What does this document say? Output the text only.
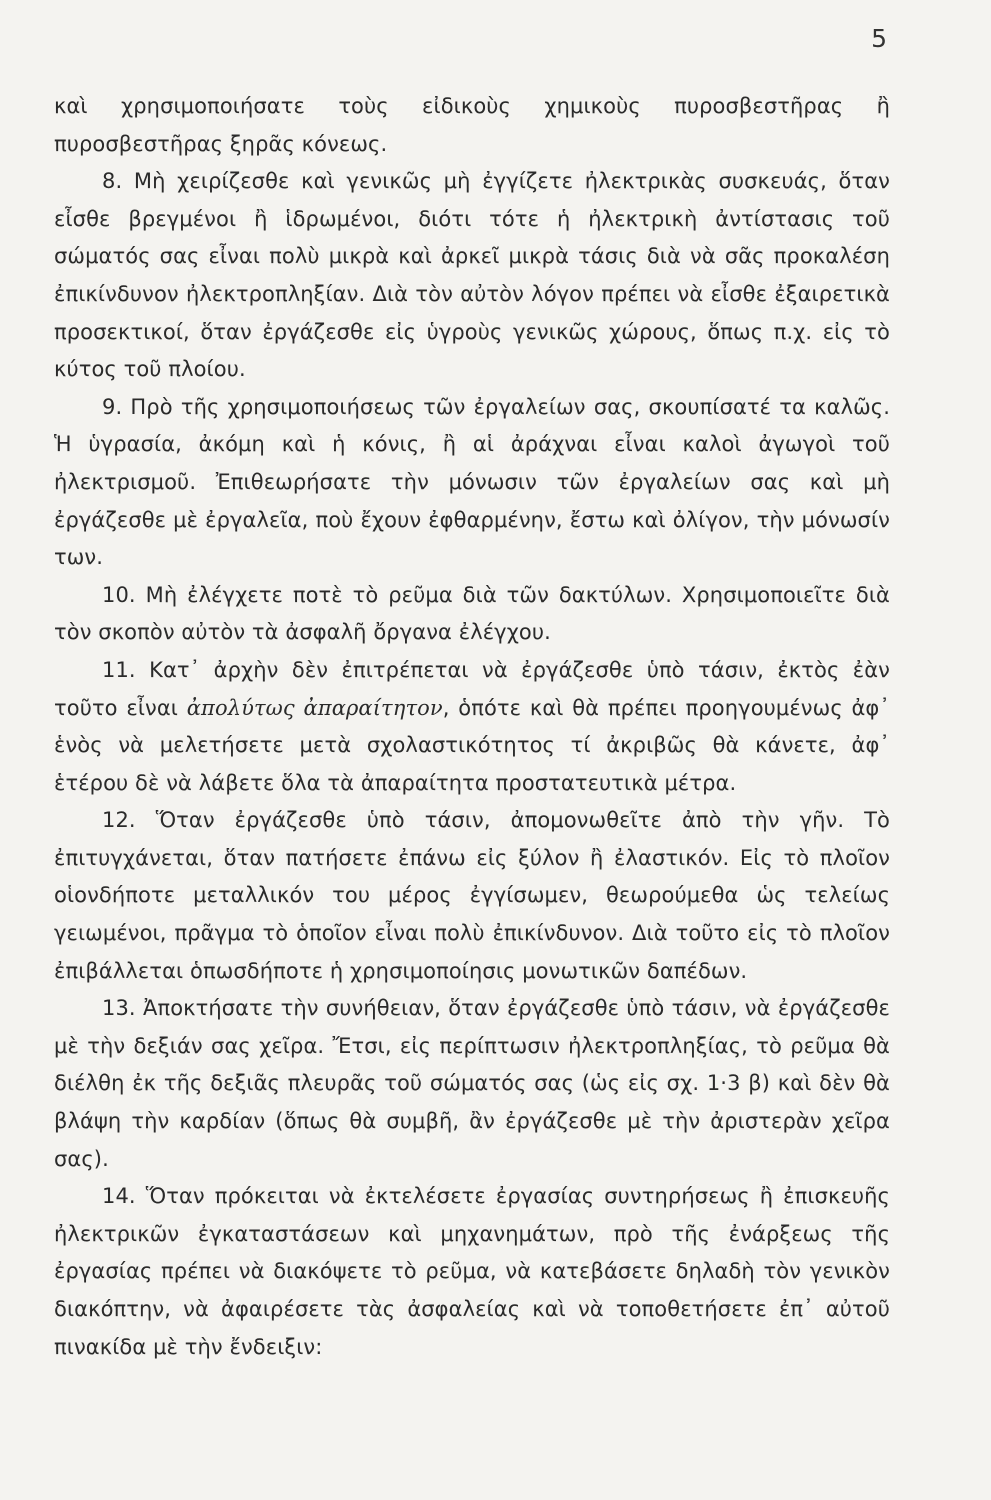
5

καὶ χρησιμοποιήσατε τοὺς εἰδικοὺς χημικοὺς πυροσβεστῆρας ἢ πυροσβεστῆρας ξηρᾶς κόνεως.

8. Μὴ χειρίζεσθε καὶ γενικῶς μὴ ἐγγίζετε ἠλεκτρικὰς συσκευάς, ὅταν εἶσθε βρεγμένοι ἢ ἱδρωμένοι, διότι τότε ἡ ἠλεκτρικὴ ἀντίστασις τοῦ σώματός σας εἶναι πολὺ μικρὰ καὶ ἀρκεῖ μικρὰ τάσις διὰ νὰ σᾶς προκαλέση ἐπικίνδυνον ἠλεκτροπληξίαν. Διὰ τὸν αὐτὸν λόγον πρέπει νὰ εἶσθε ἐξαιρετικὰ προσεκτικοί, ὅταν ἐργάζεσθε εἰς ὑγροὺς γενικῶς χώρους, ὅπως π.χ. εἰς τὸ κύτος τοῦ πλοίου.

9. Πρὸ τῆς χρησιμοποιήσεως τῶν ἐργαλείων σας, σκουπίσατέ τα καλῶς. Ἡ ὑγρασία, ἀκόμη καὶ ἡ κόνις, ἢ αἱ ἀράχναι εἶναι καλοὶ ἀγωγοὶ τοῦ ἠλεκτρισμοῦ. Ἐπιθεωρήσατε τὴν μόνωσιν τῶν ἐργαλείων σας καὶ μὴ ἐργάζεσθε μὲ ἐργαλεῖα, ποὺ ἔχουν ἐφθαρμένην, ἔστω καὶ ὀλίγον, τὴν μόνωσίν των.

10. Μὴ ἐλέγχετε ποτὲ τὸ ρεῦμα διὰ τῶν δακτύλων. Χρησιμοποιεῖτε διὰ τὸν σκοπὸν αὐτὸν τὰ ἀσφαλῆ ὄργανα ἐλέγχου.

11. Κατ᾽ ἀρχὴν δὲν ἐπιτρέπεται νὰ ἐργάζεσθε ὑπὸ τάσιν, ἐκτὸς ἐὰν τοῦτο εἶναι ἀπολύτως ἀπαραίτητον, ὁπότε καὶ θὰ πρέπει προηγουμένως ἀφ᾽ ἑνὸς νὰ μελετήσετε μετὰ σχολαστικότητος τί ἀκριβῶς θὰ κάνετε, ἀφ᾽ ἑτέρου δὲ νὰ λάβετε ὅλα τὰ ἀπαραίτητα προστατευτικὰ μέτρα.

12. Ὅταν ἐργάζεσθε ὑπὸ τάσιν, ἀπομονωθεῖτε ἀπὸ τὴν γῆν. Τὸ ἐπιτυγχάνεται, ὅταν πατήσετε ἐπάνω εἰς ξύλον ἢ ἐλαστικόν. Εἰς τὸ πλοῖον οἱονδήποτε μεταλλικόν του μέρος ἐγγίσωμεν, θεωρούμεθα ὡς τελείως γειωμένοι, πρᾶγμα τὸ ὁποῖον εἶναι πολὺ ἐπικίνδυνον. Διὰ τοῦτο εἰς τὸ πλοῖον ἐπιβάλλεται ὁπωσδήποτε ἡ χρησιμοποίησις μονωτικῶν δαπέδων.

13. Ἀποκτήσατε τὴν συνήθειαν, ὅταν ἐργάζεσθε ὑπὸ τάσιν, νὰ ἐργάζεσθε μὲ τὴν δεξιάν σας χεῖρα. Ἔτσι, εἰς περίπτωσιν ἠλεκτροπληξίας, τὸ ρεῦμα θὰ διέλθη ἐκ τῆς δεξιᾶς πλευρᾶς τοῦ σώματός σας (ὡς εἰς σχ. 1·3 β) καὶ δὲν θὰ βλάψη τὴν καρδίαν (ὅπως θὰ συμβῆ, ἂν ἐργάζεσθε μὲ τὴν ἀριστερὰν χεῖρα σας).

14. Ὅταν πρόκειται νὰ ἐκτελέσετε ἐργασίας συντηρήσεως ἢ ἐπισκευῆς ἠλεκτρικῶν ἐγκαταστάσεων καὶ μηχανημάτων, πρὸ τῆς ἐνάρξεως τῆς ἐργασίας πρέπει νὰ διακόψετε τὸ ρεῦμα, νὰ κατεβάσετε δηλαδὴ τὸν γενικὸν διακόπτην, νὰ ἀφαιρέσετε τὰς ἀσφαλείας καὶ νὰ τοποθετήσετε ἐπ᾽ αὐτοῦ πινακίδα μὲ τὴν ἔνδειξιν:
